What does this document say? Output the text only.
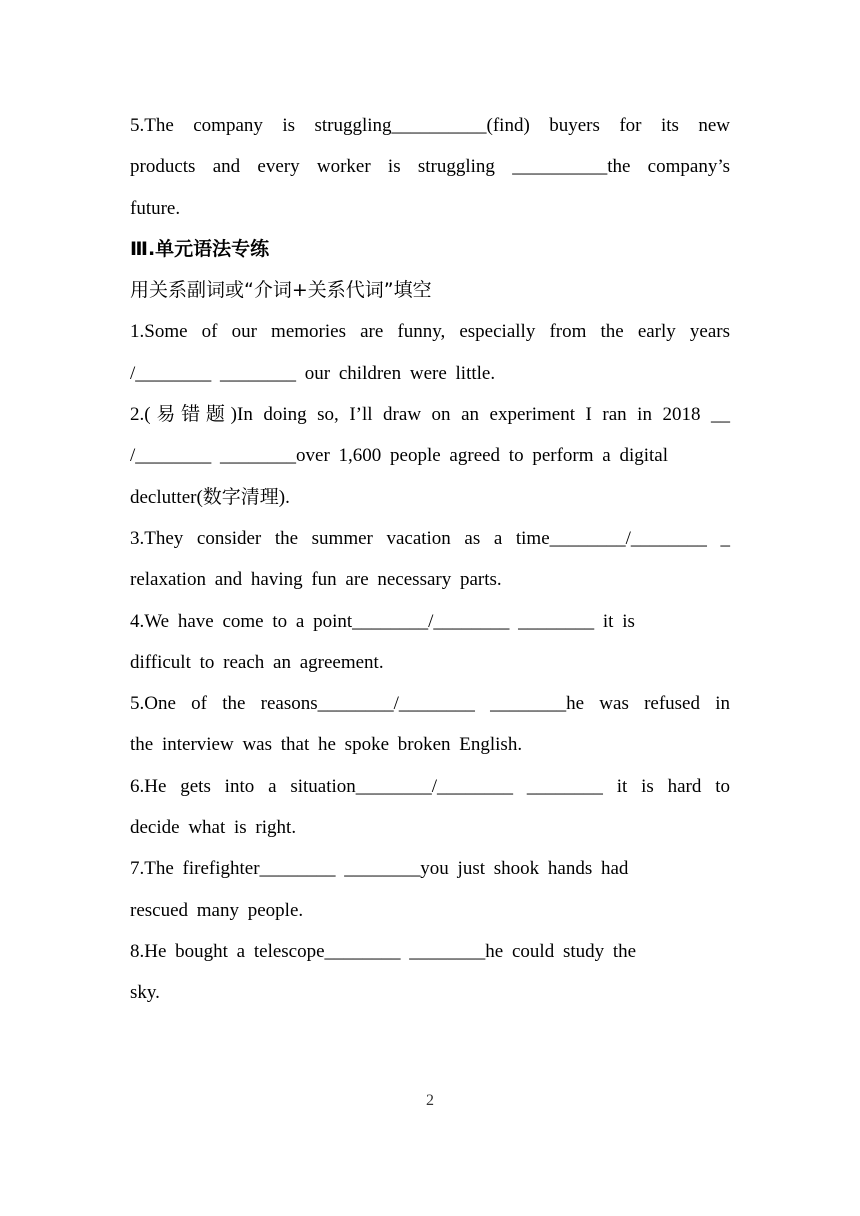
5.The company is struggling__________(find) buyers for its new
products and every worker is struggling __________the company’s
future.
Ⅲ.单元语法专练
用关系副词或“介词+关系代词”填空
1.Some of our memories are funny, especially from the early years
/________ ________ our children were little.
2.(易错题)In doing so, I’ll draw on an experiment I ran in 2018 __
/________ ________over 1,600 people agreed to perform a digital
declutter(数字清理).
3.They consider the summer vacation as a time________/________ _
relaxation and having fun are necessary parts.
4.We have come to a point________/________ ________ it is
difficult to reach an agreement.
5.One of the reasons________/________ ________he was refused in
the interview was that he spoke broken English.
6.He gets into a situation________/________ ________ it is hard to
decide what is right.
7.The firefighter________ ________you just shook hands had
rescued many people.
8.He bought a telescope________ ________he could study the
sky.
2
